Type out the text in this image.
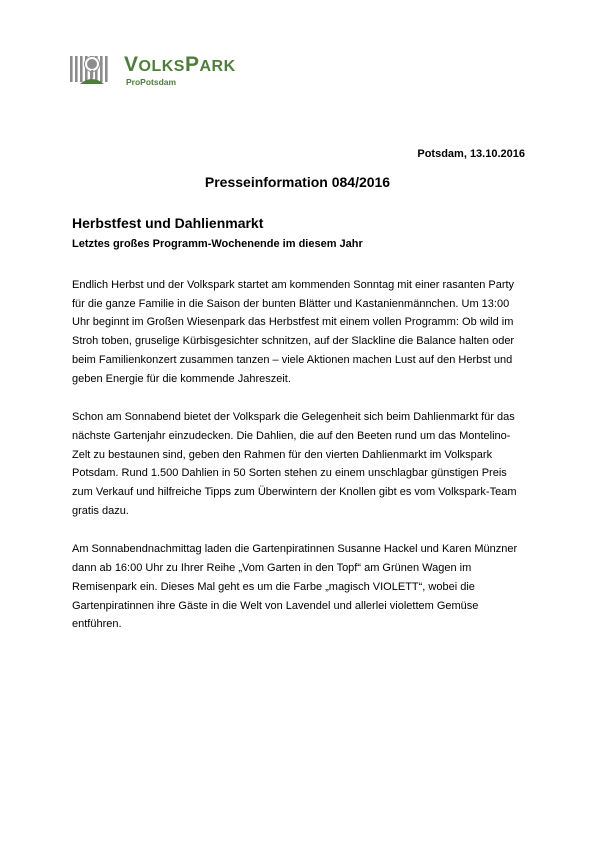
VOLKSPARK
ProPotsdam
Potsdam, 13.10.2016
Presseinformation 084/2016
Herbstfest und Dahlienmarkt
Letztes großes Programm-Wochenende im diesem Jahr
Endlich Herbst und der Volkspark startet am kommenden Sonntag mit einer rasanten Party
für die ganze Familie in die Saison der bunten Blätter und Kastanienmännchen. Um 13:00
Uhr beginnt im Großen Wiesenpark das Herbstfest mit einem vollen Programm: Ob wild im
Stroh toben, gruselige Kürbisgesichter schnitzen, auf der Slackline die Balance halten oder
beim Familienkonzert zusammen tanzen – viele Aktionen machen Lust auf den Herbst und
geben Energie für die kommende Jahreszeit.
Schon am Sonnabend bietet der Volkspark die Gelegenheit sich beim Dahlienmarkt für das
nächste Gartenjahr einzudecken. Die Dahlien, die auf den Beeten rund um das Montelino-
Zelt zu bestaunen sind, geben den Rahmen für den vierten Dahlienmarkt im Volkspark
Potsdam. Rund 1.500 Dahlien in 50 Sorten stehen zu einem unschlagbar günstigen Preis
zum Verkauf und hilfreiche Tipps zum Überwintern der Knollen gibt es vom Volkspark-Team
gratis dazu.
Am Sonnabendnachmittag laden die Gartenpiratinnen Susanne Hackel und Karen Münzner
dann ab 16:00 Uhr zu Ihrer Reihe „Vom Garten in den Topf“ am Grünen Wagen im
Remisenpark ein. Dieses Mal geht es um die Farbe „magisch VIOLETT“, wobei die
Gartenpiratinnen ihre Gäste in die Welt von Lavendel und allerlei violettem Gemüse
entführen.
